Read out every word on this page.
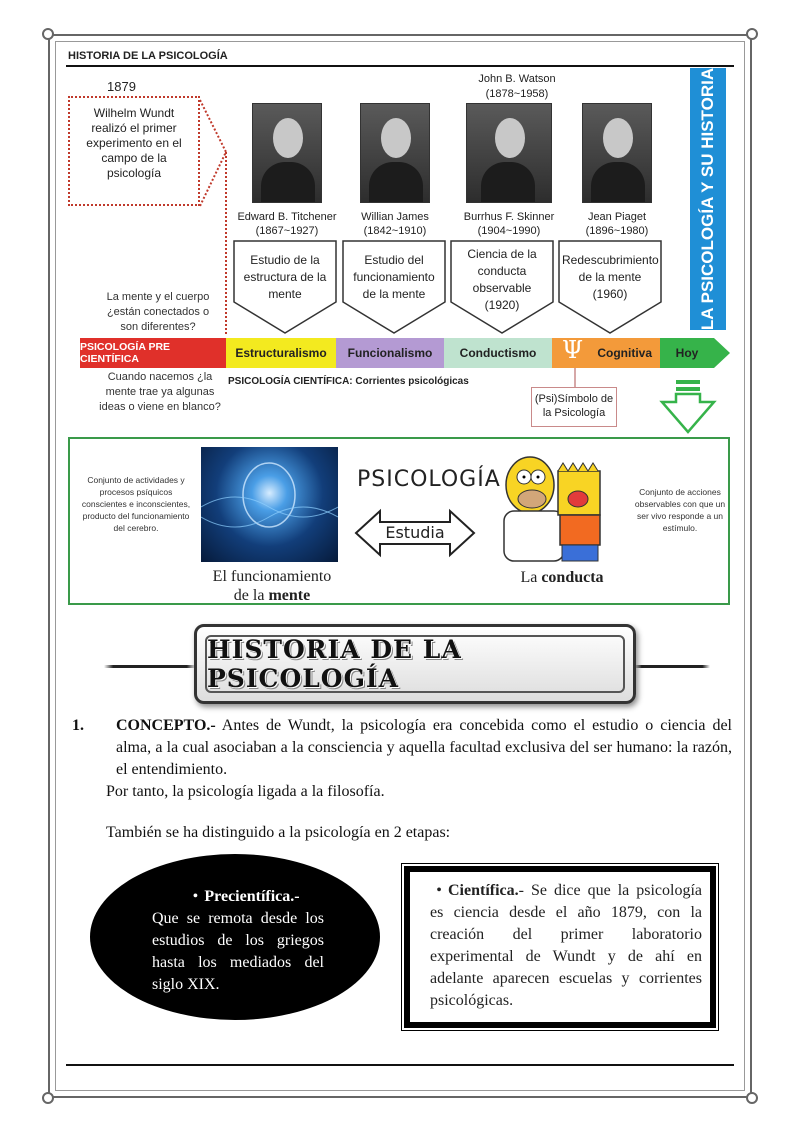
HISTORIA DE LA PSICOLOGÍA
1879
Wilhelm Wundt
realizó el primer
experimento en el
campo de la
psicología
John B. Watson
(1878~1958)
Edward B. Titchener
(1867~1927)
Willian James
(1842~1910)
Burrhus F. Skinner
(1904~1990)
Jean Piaget
(1896~1980)
Estudio de la estructura de la mente
Estudio del funcionamiento de la mente
Ciencia de la conducta observable (1920)
Redescubrimiento de la mente (1960)	LA PSICOLOGÍA Y SU HISTORIA
La mente y el cuerpo ¿están conectados o son diferentes?
Cuando nacemos ¿la mente trae ya algunas ideas o viene en blanco?
PSICOLOGÍA PRE CIENTÍFICA	Estructuralismo Funcionalismo Conductismo Ψ Cognitiva Hoy
PSICOLOGÍA CIENTÍFICA: Corrientes psicológicas
(Psi)Símbolo de la Psicología
Conjunto de actividades y procesos psíquicos conscientes e inconscientes, producto del funcionamiento del cerebro.
El funcionamiento
de la mente
PSICOLOGÍA
Estudia
La conducta
Conjunto de acciones observables con que un ser vivo responde a un estímulo.
HISTORIA DE LA PSICOLOGÍA
1. CONCEPTO.- Antes de Wundt, la psicología era concebida como el estudio o ciencia del alma, a la cual asociaban a la consciencia y aquella facultad exclusiva del ser humano: la razón, el entendimiento.
Por tanto, la psicología ligada a la filosofía.
También se ha distinguido a la psicología en 2 etapas:
• Precientífica.-
Que se remota desde los estudios de los griegos hasta los mediados del siglo XIX.
• Científica.- Se dice que la psicología es ciencia desde el año 1879, con la creación del primer laboratorio experimental de Wundt y de ahí en adelante aparecen escuelas y corrientes psicológicas.
